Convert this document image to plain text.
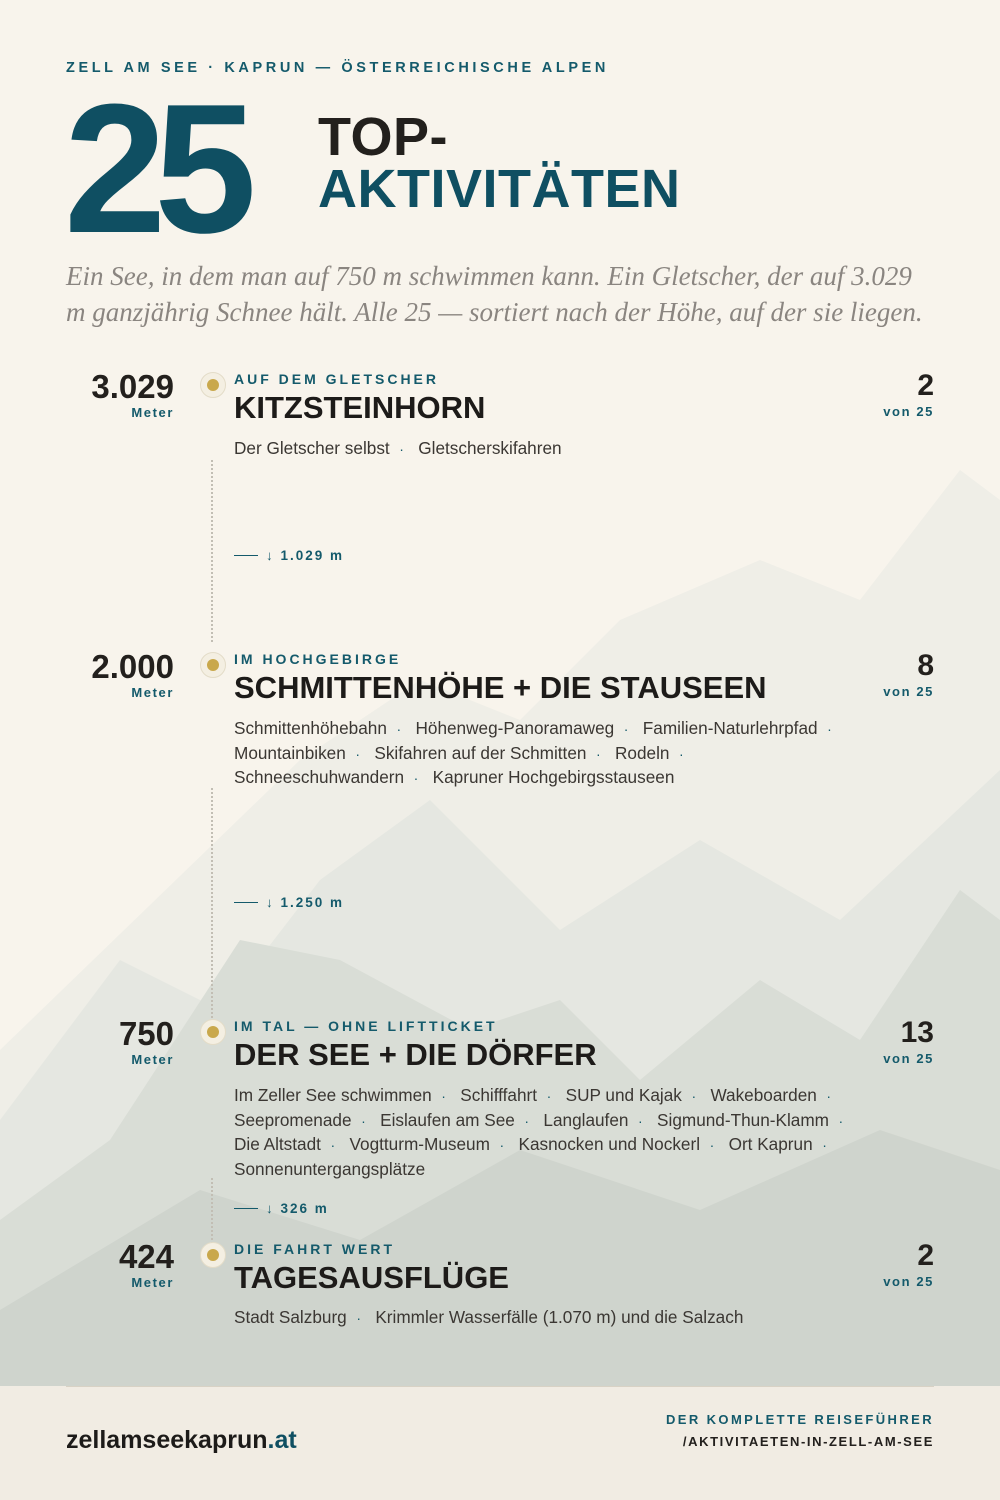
ZELL AM SEE · KAPRUN — ÖSTERREICHISCHE ALPEN
25 TOP-
AKTIVITÄTEN
Ein See, in dem man auf 750 m schwimmen kann. Ein Gletscher, der auf 3.029 m ganzjährig Schnee hält. Alle 25 — sortiert nach der Höhe, auf der sie liegen.
3.029
Meter
AUF DEM GLETSCHER
KITZSTEINHORN
Der Gletscher selbst · Gletscherskifahren
2
von 25
↓ 1.029 m
2.000
Meter
IM HOCHGEBIRGE
SCHMITTENHÖHE + DIE STAUSEEN
Schmittenhöhebahn · Höhenweg-Panoramaweg · Familien-Naturlehrpfad ·   Mountainbiken · Skifahren auf der Schmitten · Rodeln ·   Schneeschuhwandern · Kapruner Hochgebirgsstauseen
8
von 25
↓ 1.250 m
750
Meter
IM TAL — OHNE LIFTTICKET
DER SEE + DIE DÖRFER
Im Zeller See schwimmen · Schifffahrt · SUP und Kajak · Wakeboarden ·   Seepromenade · Eislaufen am See · Langlaufen · Sigmund-Thun-Klamm ·   Die Altstadt · Vogtturm-Museum · Kasnocken und Nockerl · Ort Kaprun ·   Sonnenuntergangsplätze
13
von 25
↓ 326 m
424
Meter
DIE FAHRT WERT
TAGESAUSFLÜGE
Stadt Salzburg · Krimmler Wasserfälle (1.070 m) und die Salzach
2
von 25
zellamseekaprun.at
DER KOMPLETTE REISEFÜHRER
/AKTIVITAETEN-IN-ZELL-AM-SEE
